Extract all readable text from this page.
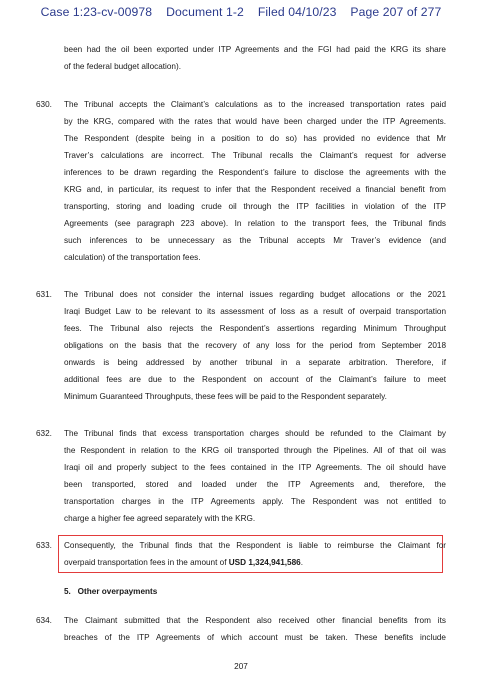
Case 1:23-cv-00978 Document 1-2 Filed 04/10/23 Page 207 of 277
been had the oil been exported under ITP Agreements and the FGI had paid the KRG its share
of the federal budget allocation).
630. The Tribunal accepts the Claimant’s calculations as to the increased transportation rates paid
by the KRG, compared with the rates that would have been charged under the ITP Agreements.
The Respondent (despite being in a position to do so) has provided no evidence that Mr
Traver’s calculations are incorrect. The Tribunal recalls the Claimant’s request for adverse
inferences to be drawn regarding the Respondent’s failure to disclose the agreements with the
KRG and, in particular, its request to infer that the Respondent received a financial benefit from
transporting, storing and loading crude oil through the ITP facilities in violation of the ITP
Agreements (see paragraph 223 above). In relation to the transport fees, the Tribunal finds
such inferences to be unnecessary as the Tribunal accepts Mr Traver’s evidence (and
calculation) of the transportation fees.
631. The Tribunal does not consider the internal issues regarding budget allocations or the 2021
Iraqi Budget Law to be relevant to its assessment of loss as a result of overpaid transportation
fees. The Tribunal also rejects the Respondent’s assertions regarding Minimum Throughput
obligations on the basis that the recovery of any loss for the period from September 2018
onwards is being addressed by another tribunal in a separate arbitration. Therefore, if
additional fees are due to the Respondent on account of the Claimant’s failure to meet
Minimum Guaranteed Throughputs, these fees will be paid to the Respondent separately.
632. The Tribunal finds that excess transportation charges should be refunded to the Claimant by
the Respondent in relation to the KRG oil transported through the Pipelines. All of that oil was
Iraqi oil and properly subject to the fees contained in the ITP Agreements. The oil should have
been transported, stored and loaded under the ITP Agreements and, therefore, the
transportation charges in the ITP Agreements apply. The Respondent was not entitled to
charge a higher fee agreed separately with the KRG.
633. Consequently, the Tribunal finds that the Respondent is liable to reimburse the Claimant for
overpaid transportation fees in the amount of USD 1,324,941,586.
5. Other overpayments
634. The Claimant submitted that the Respondent also received other financial benefits from its
breaches of the ITP Agreements of which account must be taken. These benefits include
207
